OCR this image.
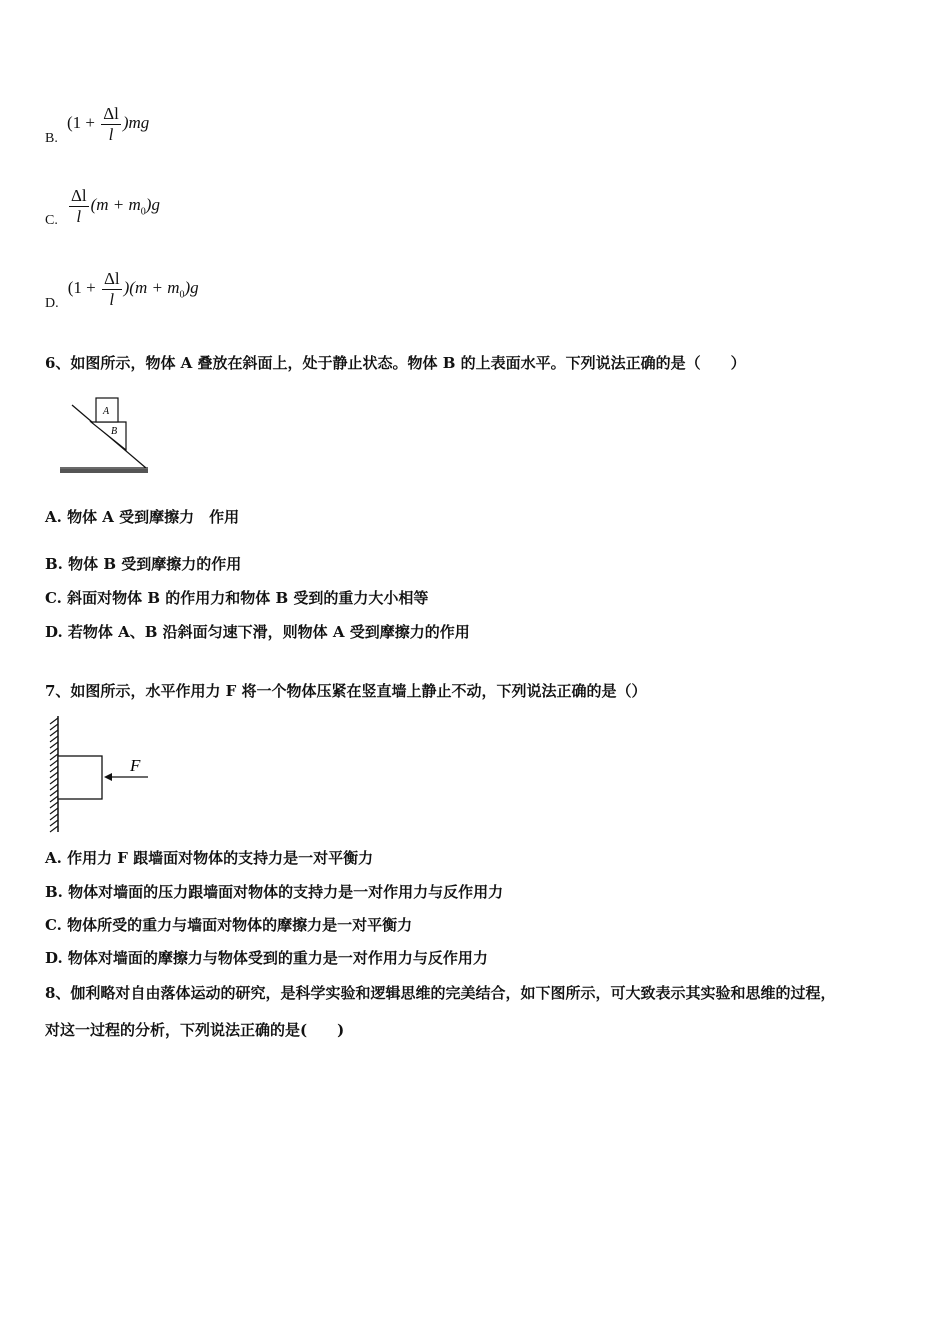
B. $(1 + \frac{\Delta l}{l} )mg$
C. $\frac{\Delta l}{l} (m + m_0)g$
D. $(1 + \frac{\Delta l}{l} )(m + m_0)g$
6、如图所示，物体 A 叠放在斜面上，处于静止状态。物体 B 的上表面水平。下列说法正确的是（　　）
A
B
A. 物体 A 受到摩擦力　作用
B. 物体 B 受到摩擦力的作用
C. 斜面对物体 B 的作用力和物体 B 受到的重力大小相等
D. 若物体 A、B 沿斜面匀速下滑，则物体 A 受到摩擦力的作用
7、如图所示，水平作用力 F 将一个物体压紧在竖直墙上静止不动，下列说法正确的是（）
F
A. 作用力 F 跟墙面对物体的支持力是一对平衡力
B. 物体对墙面的压力跟墙面对物体的支持力是一对作用力与反作用力
C. 物体所受的重力与墙面对物体的摩擦力是一对平衡力
D. 物体对墙面的摩擦力与物体受到的重力是一对作用力与反作用力
8、伽利略对自由落体运动的研究，是科学实验和逻辑思维的完美结合，如下图所示，可大致表示其实验和思维的过程，
对这一过程的分析，下列说法正确的是(　　)
